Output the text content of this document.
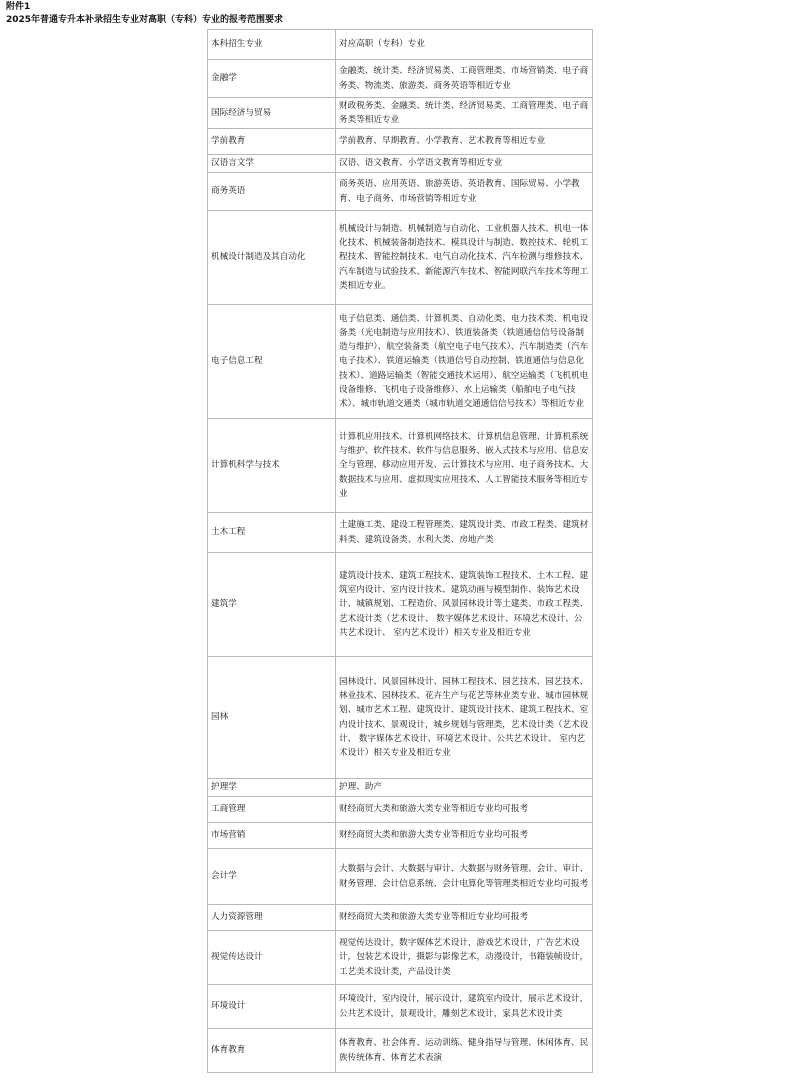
附件1
2025年普通专升本补录招生专业对高职（专科）专业的报考范围要求
本科招生专业	对应高职（专科）专业
金融学	金融类、统计类、经济贸易类、工商管理类、市场营销类、电子商务类、物流类、旅游类、商务英语等相近专业
国际经济与贸易	财政税务类、金融类、统计类、经济贸易类、工商管理类、电子商务类等相近专业
学前教育	学前教育、早期教育、小学教育、艺术教育等相近专业
汉语言文学	汉语、语文教育、小学语文教育等相近专业
商务英语	商务英语、应用英语、旅游英语、英语教育、国际贸易、小学教育、电子商务、市场营销等相近专业
机械设计制造及其自动化	机械设计与制造、机械制造与自动化、工业机器人技术、机电一体化技术、机械装备制造技术、模具设计与制造、数控技术、轮机工程技术、智能控制技术、电气自动化技术、汽车检测与维修技术、汽车制造与试验技术、新能源汽车技术、智能网联汽车技术等理工类相近专业。
电子信息工程	电子信息类、通信类、计算机类、自动化类、电力技术类、机电设备类（光电制造与应用技术）、铁道装备类（铁道通信信号设备制造与维护）、航空装备类（航空电子电气技术）、汽车制造类（汽车电子技术）、铁道运输类（铁道信号自动控制、铁道通信与信息化技术）、道路运输类（智能交通技术运用）、航空运输类（飞机机电设备维修、飞机电子设备维修）、水上运输类（船舶电子电气技术）、城市轨道交通类（城市轨道交通通信信号技术）等相近专业
计算机科学与技术	计算机应用技术、计算机网络技术、计算机信息管理、计算机系统与维护、软件技术、软件与信息服务、嵌入式技术与应用、信息安全与管理、移动应用开发、云计算技术与应用、电子商务技术、大数据技术与应用、虚拟现实应用技术、人工智能技术服务等相近专业
土木工程	土建施工类、建设工程管理类、建筑设计类、市政工程类、建筑材料类、建筑设备类、水利大类、房地产类
建筑学	建筑设计技术、建筑工程技术、建筑装饰工程技术、土木工程、建筑室内设计、室内设计技术、建筑动画与模型制作、装饰艺术设计、城镇规划、工程造价、风景园林设计等土建类、市政工程类、艺术设计类（艺术设计、 数字媒体艺术设计、环境艺术设计、公共艺术设计、 室内艺术设计）相关专业及相近专业
园林	园林设计、风景园林设计、园林工程技术、园艺技术、园艺技术、林业技术、园林技术、花卉生产与花艺等林业类专业、城市园林规划、城市艺术工程、建筑设计、建筑设计技术、建筑工程技术、室内设计技术、景观设计，城乡规划与管理类，艺术设计类（艺术设计、 数字媒体艺术设计、环境艺术设计、公共艺术设计、 室内艺术设计）相关专业及相近专业
护理学	护理、助产
工商管理	财经商贸大类和旅游大类专业等相近专业均可报考
市场营销	财经商贸大类和旅游大类专业等相近专业均可报考
会计学	大数据与会计、大数据与审计、大数据与财务管理、会计、审计、财务管理、会计信息系统、会计电算化等管理类相近专业均可报考
人力资源管理	财经商贸大类和旅游大类专业等相近专业均可报考
视觉传达设计	视觉传达设计，数字媒体艺术设计，游戏艺术设计，广告艺术设计，包装艺术设计，摄影与影像艺术，动漫设计，书籍装帧设计，工艺美术设计类，产品设计类
环境设计	环境设计，室内设计，展示设计，建筑室内设计，展示艺术设计，公共艺术设计，景观设计，雕刻艺术设计，家具艺术设计类
体育教育	体育教育、社会体育、运动训练、健身指导与管理、休闲体育、民族传统体育、体育艺术表演
